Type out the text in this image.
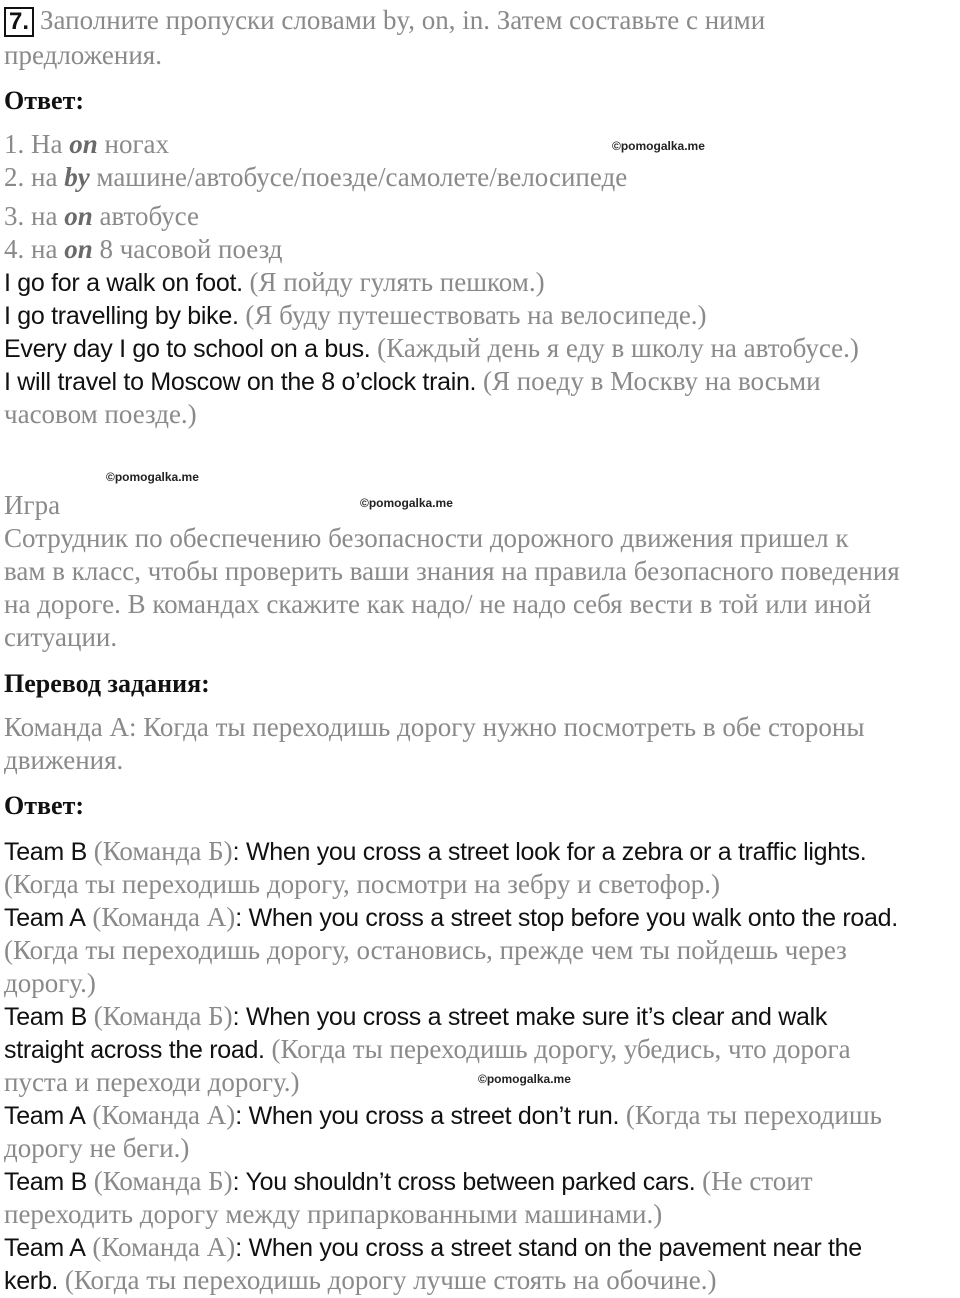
7. Заполните пропуски словами by, on, in. Затем составьте с ними
предложения.
Ответ:
1. На on ногах
2. на by машине/автобусе/поезде/самолете/велосипеде
3. на on автобусе
4. на on 8 часовой поезд
I go for a walk on foot. (Я пойду гулять пешком.)
I go travelling by bike. (Я буду путешествовать на велосипеде.)
Every day I go to school on a bus. (Каждый день я еду в школу на автобусе.)
I will travel to Moscow on the 8 o’clock train. (Я поеду в Москву на восьми
часовом поезде.)
©pomogalka.me
©pomogalka.me
©pomogalka.me
©pomogalka.me
Игра
Сотрудник по обеспечению безопасности дорожного движения пришел к
вам в класс, чтобы проверить ваши знания на правила безопасного поведения
на дороге. В командах скажите как надо/ не надо себя вести в той или иной
ситуации.
Перевод задания:
Команда А: Когда ты переходишь дорогу нужно посмотреть в обе стороны
движения.
Ответ:
Team B (Команда Б): When you cross a street look for a zebra or a traffic lights.
(Когда ты переходишь дорогу, посмотри на зебру и светофор.)
Team A (Команда А): When you cross a street stop before you walk onto the road.
(Когда ты переходишь дорогу, остановись, прежде чем ты пойдешь через
дорогу.)
Team B (Команда Б): When you cross a street make sure it’s clear and walk
straight across the road. (Когда ты переходишь дорогу, убедись, что дорога
пуста и переходи дорогу.)
Team A (Команда А): When you cross a street don’t run. (Когда ты переходишь
дорогу не беги.)
Team B (Команда Б): You shouldn’t cross between parked cars. (Не стоит
переходить дорогу между припаркованными машинами.)
Team A (Команда А): When you cross a street stand on the pavement near the
kerb. (Когда ты переходишь дорогу лучше стоять на обочине.)
